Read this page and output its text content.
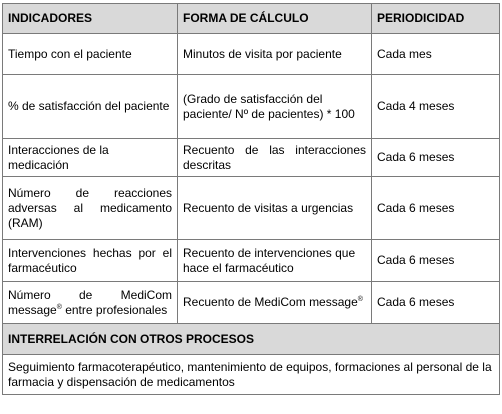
INDICADORES	FORMA DE CÁLCULO	PERIODICIDAD
Tiempo con el paciente	Minutos de visita por paciente	Cada mes
% de satisfacción del paciente	(Grado de satisfacción del paciente/ Nº de pacientes) * 100	Cada 4 meses
Interacciones de la medicación	Recuento de las interacciones descritas	Cada 6 meses
Número de reacciones adversas al medicamento (RAM)	Recuento de visitas a urgencias	Cada 6 meses
Intervenciones hechas por el farmacéutico	Recuento de intervenciones que hace el farmacéutico	Cada 6 meses
Número de MediCom message® entre profesionales	Recuento de MediCom message®	Cada 6 meses
INTERRELACIÓN CON OTROS PROCESOS		
Seguimiento farmacoterapéutico, mantenimiento de equipos, formaciones al personal de la farmacia y dispensación de medicamentos		
